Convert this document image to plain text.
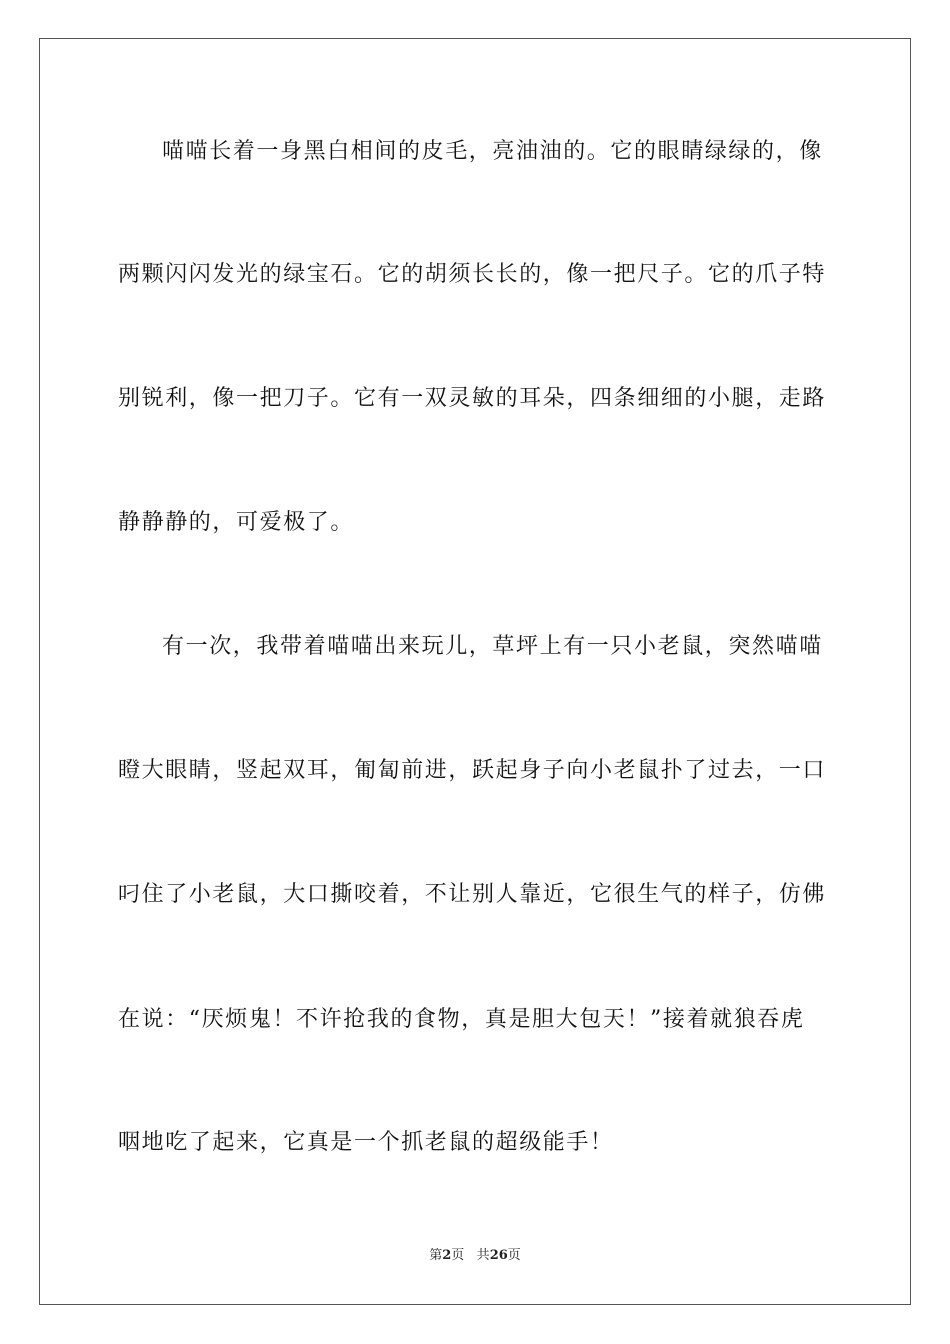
喵喵长着一身黑白相间的皮毛，亮油油的。它的眼睛绿绿的，像
两颗闪闪发光的绿宝石。它的胡须长长的，像一把尺子。它的爪子特
别锐利，像一把刀子。它有一双灵敏的耳朵，四条细细的小腿，走路
静静静的，可爱极了。
有一次，我带着喵喵出来玩儿，草坪上有一只小老鼠，突然喵喵
瞪大眼睛，竖起双耳，匍匐前进，跃起身子向小老鼠扑了过去，一口
叼住了小老鼠，大口撕咬着，不让别人靠近，它很生气的样子，仿佛
在说：“厌烦鬼！不许抢我的食物，真是胆大包天！”接着就狼吞虎
咽地吃了起来，它真是一个抓老鼠的超级能手！
第2页 共26页
